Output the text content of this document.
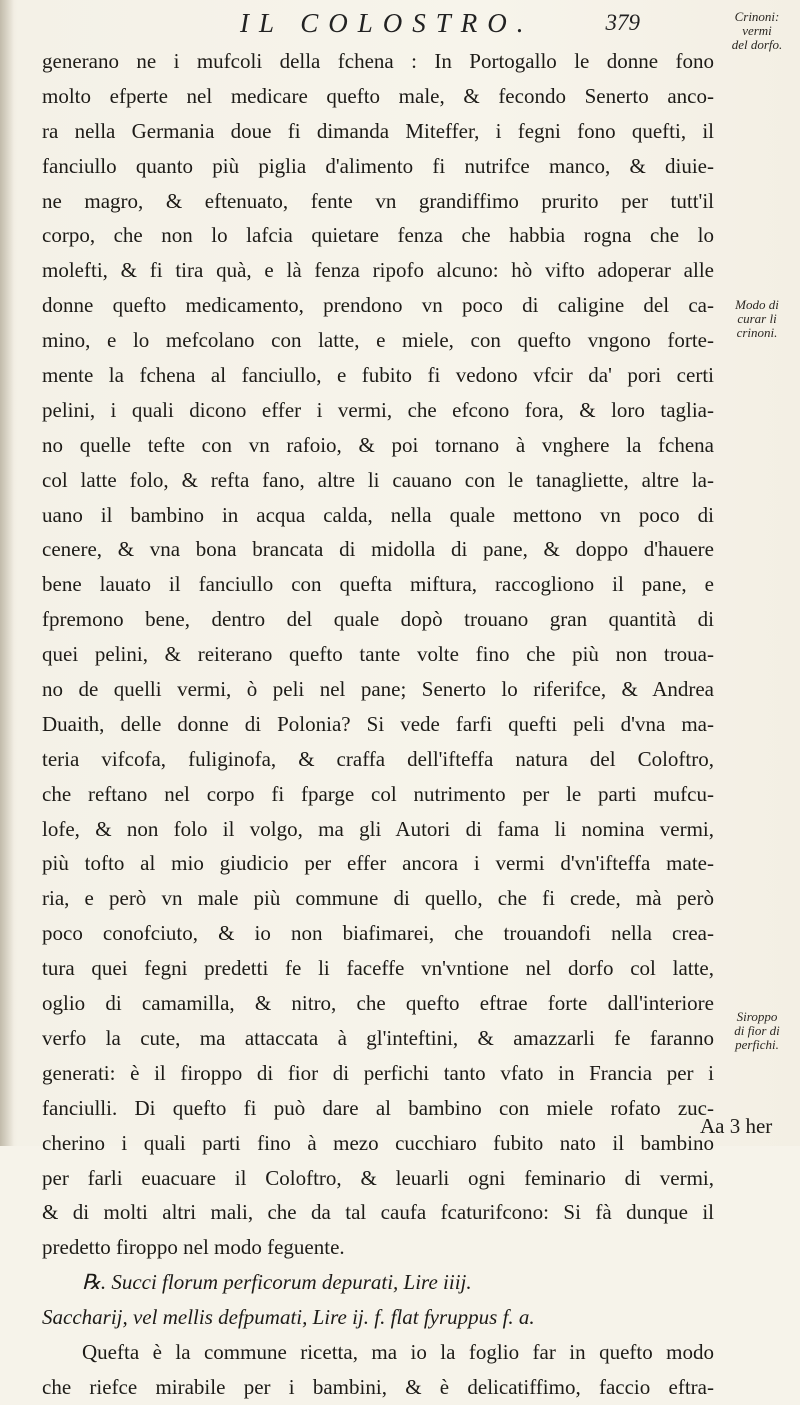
IL COLOSTRO.	379
generano ne i mufcoli della fchena : In Portogallo le donne fono
molto efperte nel medicare quefto male, & fecondo Senerto anco-
ra nella Germania doue fi dimanda Miteffer, i fegni fono quefti, il
fanciullo quanto più piglia d'alimento fi nutrifce manco, & diuie-
ne magro, & eftenuato, fente vn grandiffimo prurito per tutt'il
corpo, che non lo lafcia quietare fenza che habbia rogna che lo
molefti, & fi tira quà, e là fenza ripofo alcuno: hò vifto adoperar alle
donne quefto medicamento, prendono vn poco di caligine del ca-
mino, e lo mefcolano con latte, e miele, con quefto vngono forte-
mente la fchena al fanciullo, e fubito fi vedono vfcir da' pori certi
pelini, i quali dicono effer i vermi, che efcono fora, & loro taglia-
no quelle tefte con vn rafoio, & poi tornano à vnghere la fchena
col latte folo, & refta fano, altre li cauano con le tanagliette, altre la-
uano il bambino in acqua calda, nella quale mettono vn poco di
cenere, & vna bona brancata di midolla di pane, & doppo d'hauere
bene lauato il fanciullo con quefta miftura, raccogliono il pane, e
fpremono bene, dentro del quale dopò trouano gran quantità di
quei pelini, & reiterano quefto tante volte fino che più non troua-
no de quelli vermi, ò peli nel pane; Senerto lo riferifce, & Andrea
Duaith, delle donne di Polonia? Si vede farfi quefti peli d'vna ma-
teria vifcofa, fuliginofa, & craffa dell'ifteffa natura del Coloftro,
che reftano nel corpo fi fparge col nutrimento per le parti mufcu-
lofe, & non folo il volgo, ma gli Autori di fama li nomina vermi,
più tofto al mio giudicio per effer ancora i vermi d'vn'ifteffa mate-
ria, e però vn male più commune di quello, che fi crede, mà però
poco conofciuto, & io non biafimarei, che trouandofi nella crea-
tura quei fegni predetti fe li faceffe vn'vntione nel dorfo col latte,
oglio di camamilla, & nitro, che quefto eftrae forte dall'interiore
verfo la cute, ma attaccata à gl'inteftini, & amazzarli fe faranno
generati: è il firoppo di fior di perfichi tanto vfato in Francia per i
fanciulli. Di quefto fi può dare al bambino con miele rofato zuc-
cherino i quali parti fino à mezo cucchiaro fubito nato il bambino
per farli euacuare il Coloftro, & leuarli ogni feminario di vermi,
& di molti altri mali, che da tal caufa fcaturifcono: Si fà dunque il
predetto firoppo nel modo feguente.
℞. Succi florum perficorum depurati, Lire iiij.
Saccharij, vel mellis defpumati, Lire ij. f. flat fyruppus f. a.
Quefta è la commune ricetta, ma io la foglio far in quefto modo
che riefce mirabile per i bambini, & è delicatiffimo, faccio eftra-
Crinoni:
vermi
del dorfo.
Modo di
curar li
crinoni.
Siroppo
di fior di
perfichi.
Aa 3 her
